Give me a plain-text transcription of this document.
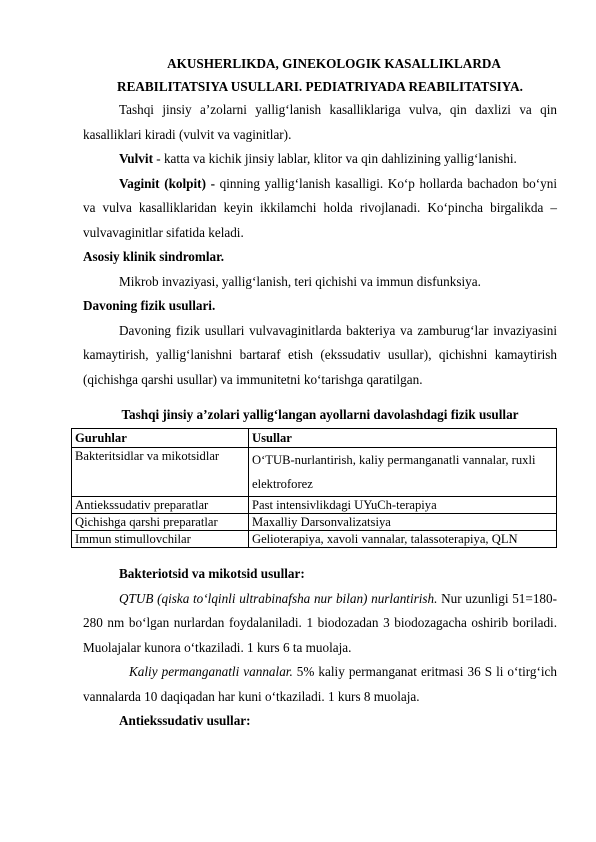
AKUSHERLIKDA, GINEKOLOGIK KASALLIKLARDA

REABILITATSIYA USULLARI. PEDIATRIYADA REABILITATSIYA.

Tashqi jinsiy a’zolarni yallig‘lanish kasalliklariga vulva, qin daxlizi va qin kasalliklari kiradi (vulvit va vaginitlar).

Vulvit - katta va kichik jinsiy lablar, klitor va qin dahlizining yallig‘lanishi.

Vaginit (kolpit) - qinning yallig‘lanish kasalligi. Ko‘p hollarda bachadon bo‘yni va vulva kasalliklaridan keyin ikkilamchi holda rivojlanadi. Ko‘pincha birgalikda – vulvavaginitlar sifatida keladi.

Asosiy klinik sindromlar.

Mikrob invaziyasi, yallig‘lanish, teri qichishi va immun disfunksiya.

Davoning fizik usullari.

Davoning fizik usullari vulvavaginitlarda bakteriya va zamburug‘lar invaziyasini kamaytirish, yallig‘lanishni bartaraf etish (ekssudativ usullar), qichishni kamaytirish (qichishga qarshi usullar) va immunitetni ko‘tarishga qaratilgan.

Tashqi jinsiy a’zolari yallig‘langan ayollarni davolashdagi fizik usullar

Guruhlar	Usullar
Bakteritsidlar va mikotsidlar	O‘TUB-nurlantirish, kaliy permanganatli vannalar, ruxli elektroforez
Antiekssudativ preparatlar	Past intensivlikdagi UYuCh-terapiya
Qichishga qarshi preparatlar	Maxalliy Darsonvalizatsiya
Immun stimullovchilar	Gelioterapiya, xavoli vannalar, talassoterapiya, QLN

Bakteriotsid va mikotsid usullar:

QTUB (qiska to‘lqinli ultrabinafsha nur bilan) nurlantirish. Nur uzunligi 51=180-280 nm bo‘lgan nurlardan foydalaniladi. 1 biodozadan 3 biodozagacha oshirib boriladi. Muolajalar kunora o‘tkaziladi. 1 kurs 6 ta muolaja.

Kaliy permanganatli vannalar. 5% kaliy permanganat eritmasi 36 S li o‘tirg‘ich vannalarda 10 daqiqadan har kuni o‘tkaziladi. 1 kurs 8 muolaja.

Antiekssudativ usullar:
